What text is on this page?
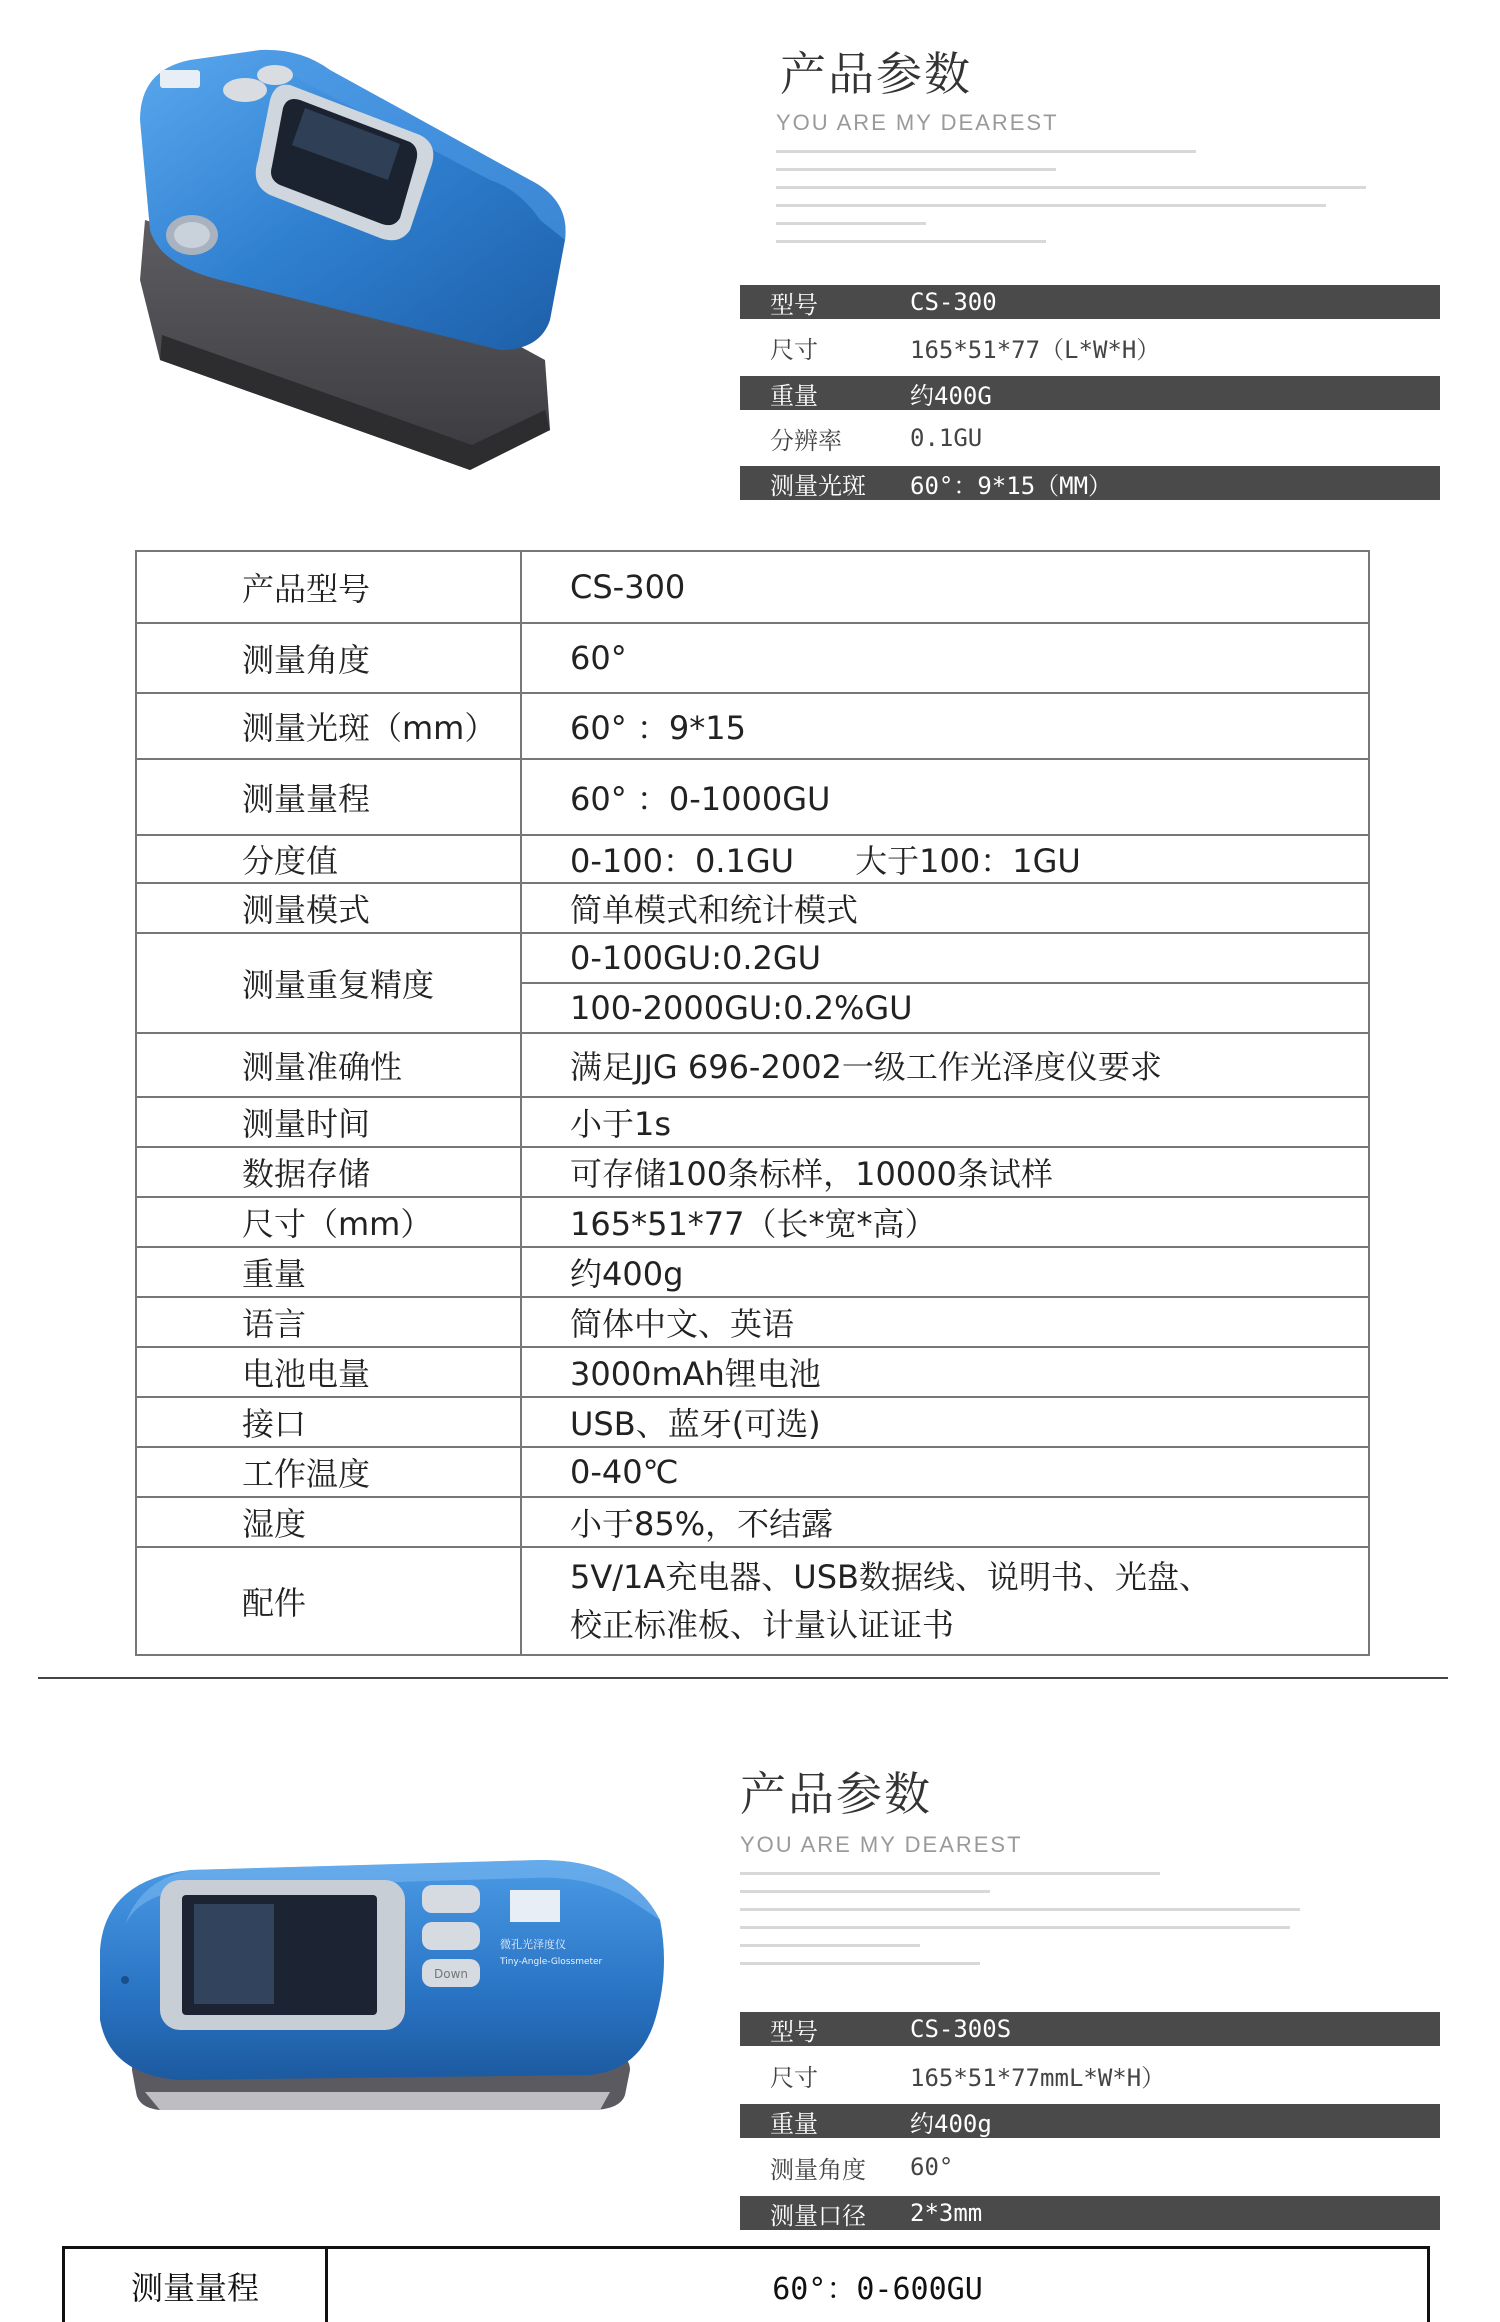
产品参数
YOU ARE MY DEAREST
型号	CS-300
尺寸	165*51*77（L*W*H）
重量	约400G
分辨率	0.1GU
测量光斑	60°：9*15（MM）
产品型号	CS-300
测量角度	60°
测量光斑（mm）	60° ：9*15
测量量程	60° ：0-1000GU
分度值	0-100：0.1GU      大于100：1GU
测量模式	简单模式和统计模式
测量重复精度	0-100GU:0.2GU
	100-2000GU:0.2%GU
测量准确性	满足JJG 696-2002一级工作光泽度仪要求
测量时间	小于1s
数据存储	可存储100条标样，10000条试样
尺寸（mm）	165*51*77（长*宽*高）
重量	约400g
语言	简体中文、英语
电池电量	3000mAh锂电池
接口	USB、蓝牙(可选)
工作温度	0-40℃
湿度	小于85%，不结露
配件	5V/1A充电器、USB数据线、说明书、光盘、
校正标准板、计量认证证书
产品参数
YOU ARE MY DEAREST
型号	CS-300S
尺寸	165*51*77mmL*W*H）
重量	约400g
测量角度	60°
测量口径	2*3mm
Down
微孔光泽度仪
Tiny-Angle-Glossmeter
测量量程	60°：0-600GU
